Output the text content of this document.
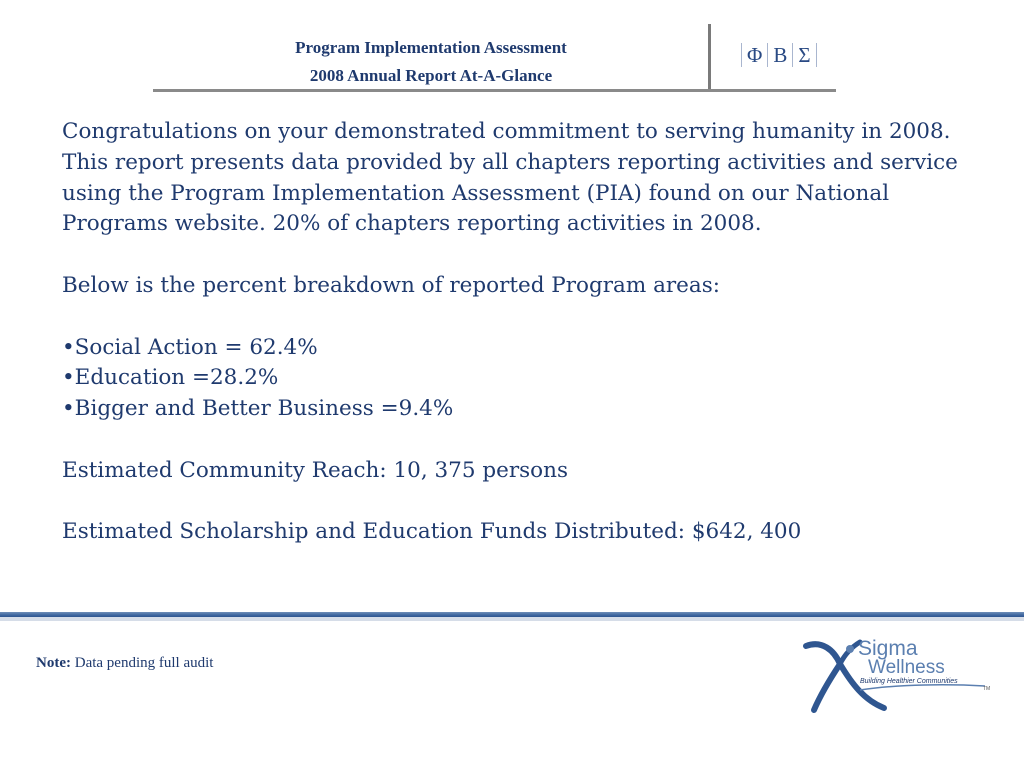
Program Implementation Assessment
2008 Annual Report At-A-Glance
Φ Β Σ

Congratulations on your demonstrated commitment to serving humanity in 2008.
This report presents data provided by all chapters reporting activities and service
using the Program Implementation Assessment (PIA) found on our National
Programs website. 20% of chapters reporting activities in 2008.

Below is the percent breakdown of reported Program areas:

•Social Action = 62.4%

•Education =28.2%

•Bigger and Better Business =9.4%

Estimated Community Reach: 10, 375 persons

Estimated Scholarship and Education Funds Distributed: $642, 400

Note: Data pending full audit
Sigma
Wellness
Building Healthier Communities
TM
